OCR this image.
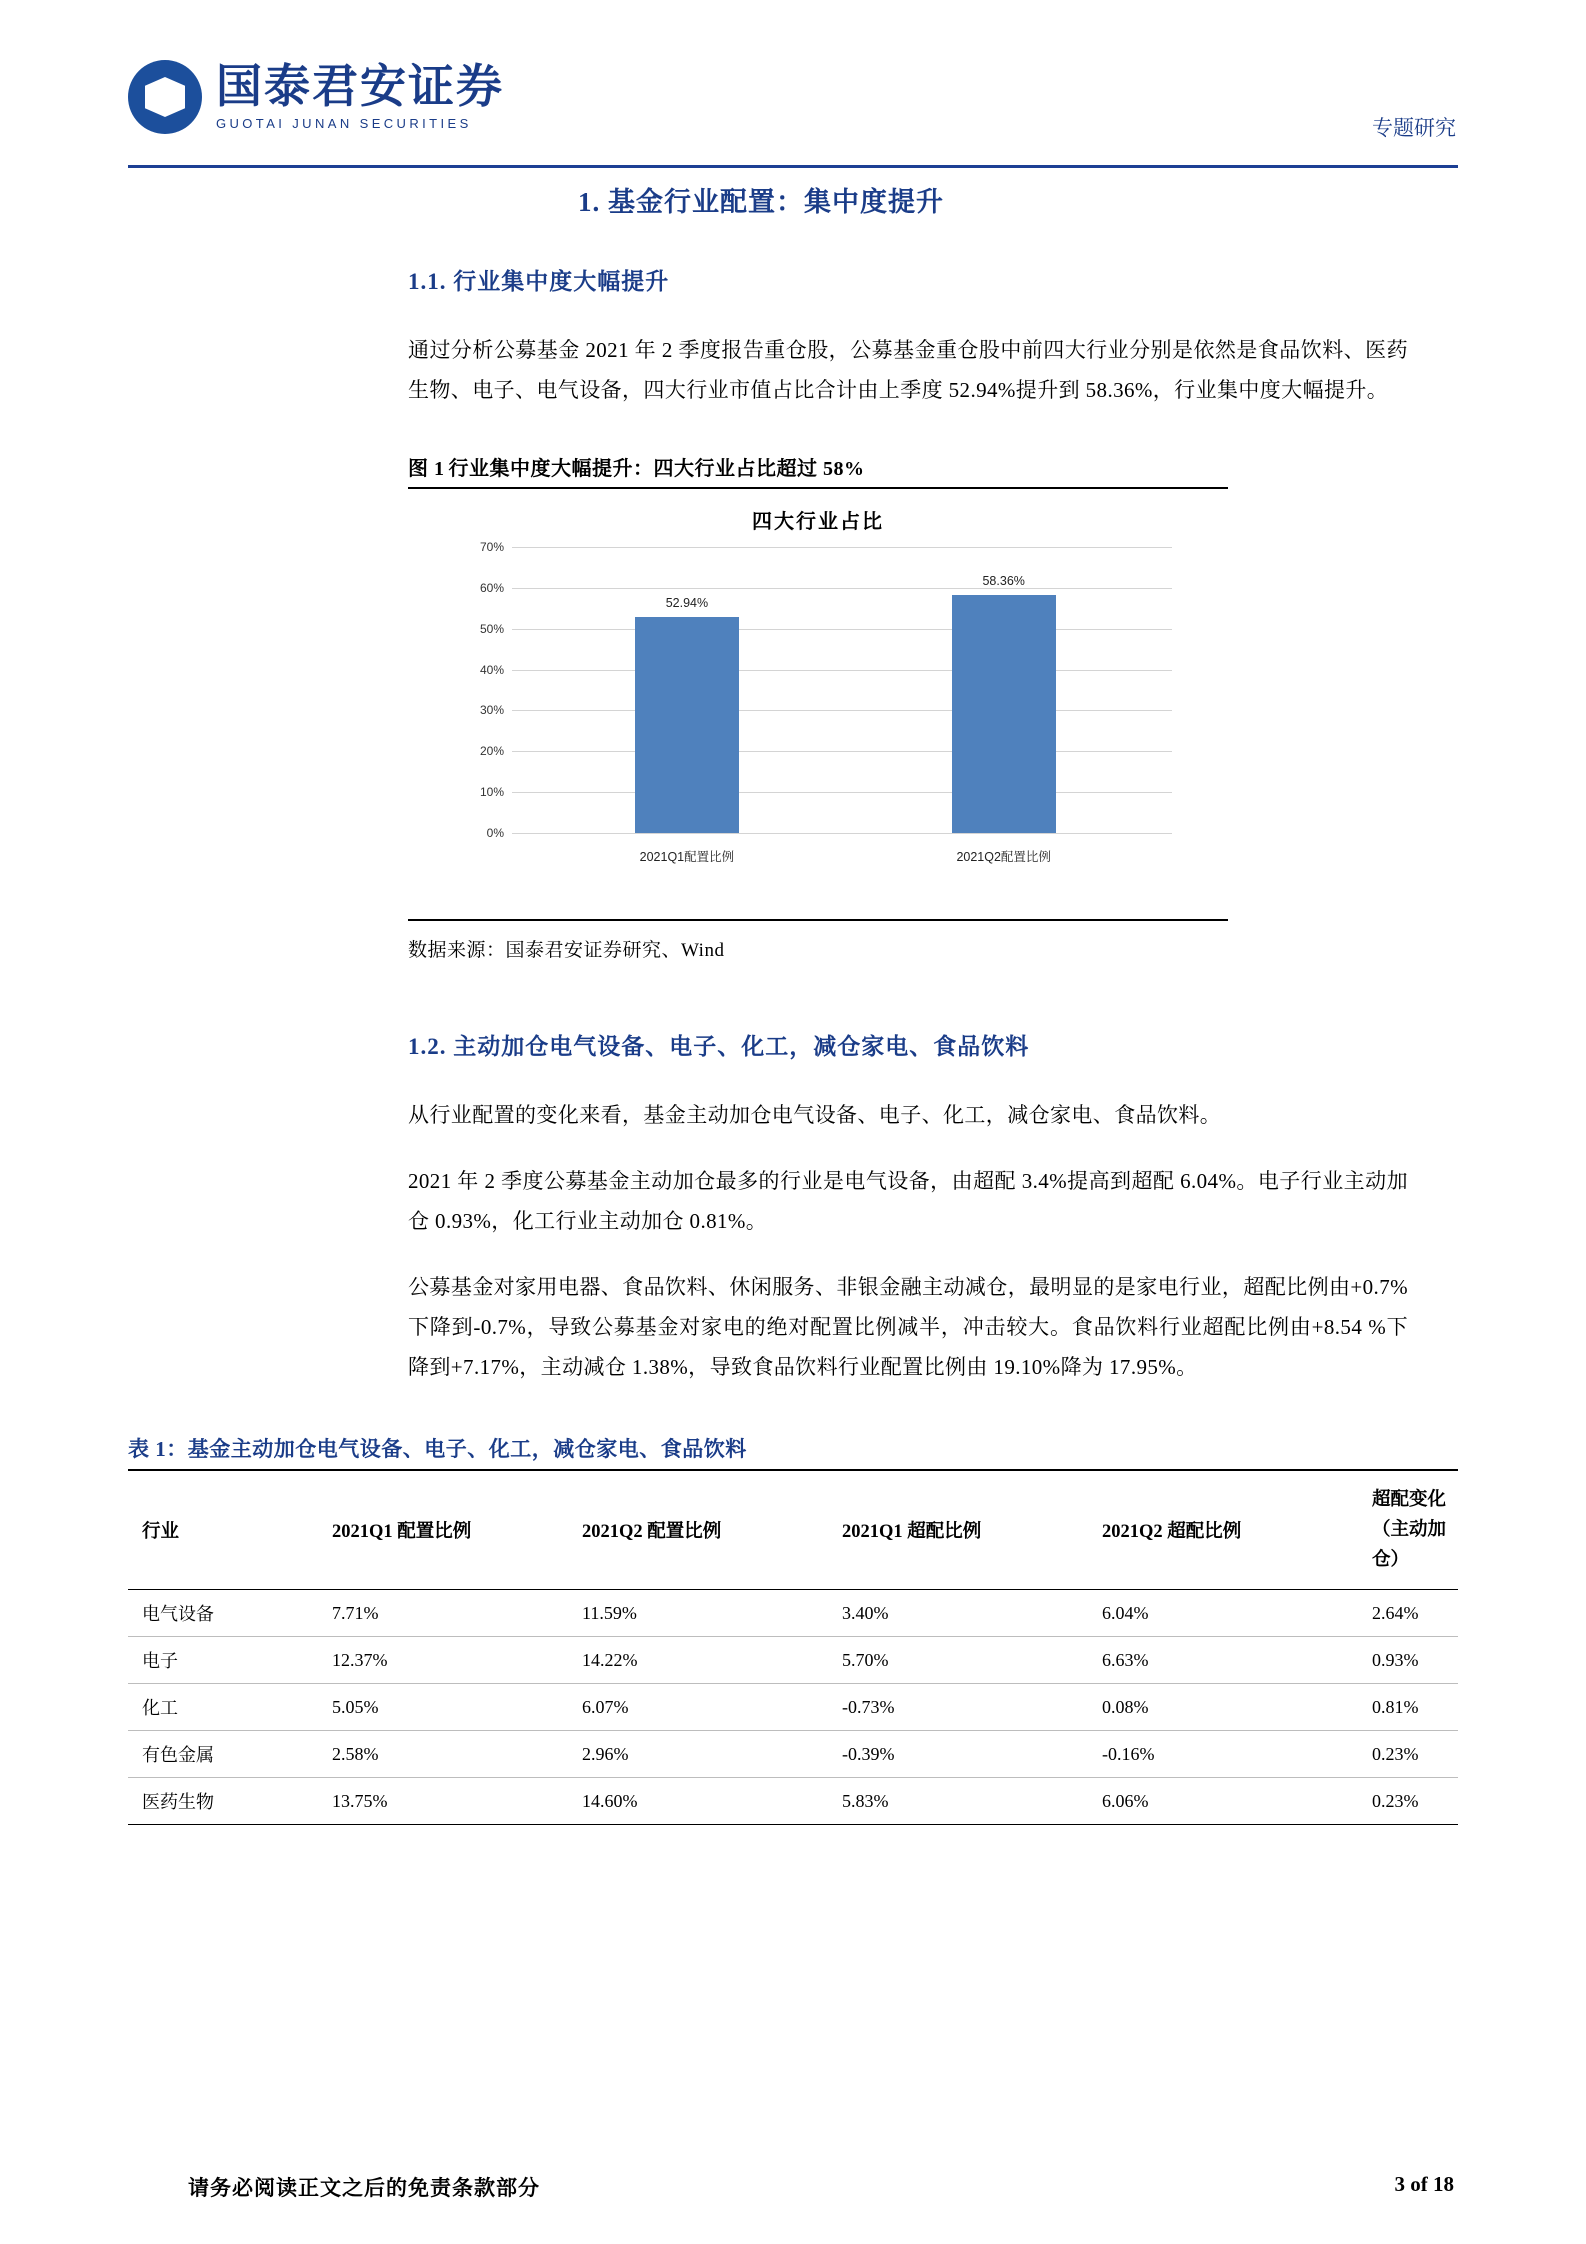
国泰君安证券
GUOTAI JUNAN SECURITIES	专题研究
1. 基金行业配置：集中度提升
1.1. 行业集中度大幅提升

通过分析公募基金 2021 年 2 季度报告重仓股，公募基金重仓股中前四大行业分别是依然是食品饮料、医药生物、电子、电气设备，四大行业市值占比合计由上季度 52.94%提升到 58.36%，行业集中度大幅提升。

图 1 行业集中度大幅提升：四大行业占比超过 58%
四大行业占比
0%
10%
20%
30%
40%
50%
60%
70%
52.94%
2021Q1配置比例
58.36%
2021Q2配置比例
数据来源：国泰君安证券研究、Wind
1.2. 主动加仓电气设备、电子、化工，减仓家电、食品饮料

从行业配置的变化来看，基金主动加仓电气设备、电子、化工，减仓家电、食品饮料。

2021 年 2 季度公募基金主动加仓最多的行业是电气设备，由超配 3.4%提高到超配 6.04%。电子行业主动加仓 0.93%，化工行业主动加仓 0.81%。

公募基金对家用电器、食品饮料、休闲服务、非银金融主动减仓，最明显的是家电行业，超配比例由+0.7%下降到-0.7%，导致公募基金对家电的绝对配置比例减半，冲击较大。食品饮料行业超配比例由+8.54 %下降到+7.17%，主动减仓 1.38%，导致食品饮料行业配置比例由 19.10%降为 17.95%。

表 1：基金主动加仓电气设备、电子、化工，减仓家电、食品饮料
行业	2021Q1 配置比例	2021Q2 配置比例	2021Q1 超配比例	2021Q2 超配比例	超配变化
（主动加仓）
电气设备	7.71%	11.59%	3.40%	6.04%	2.64%
电子	12.37%	14.22%	5.70%	6.63%	0.93%
化工	5.05%	6.07%	-0.73%	0.08%	0.81%
有色金属	2.58%	2.96%	-0.39%	-0.16%	0.23%
医药生物	13.75%	14.60%	5.83%	6.06%	0.23%
请务必阅读正文之后的免责条款部分	3 of 18
